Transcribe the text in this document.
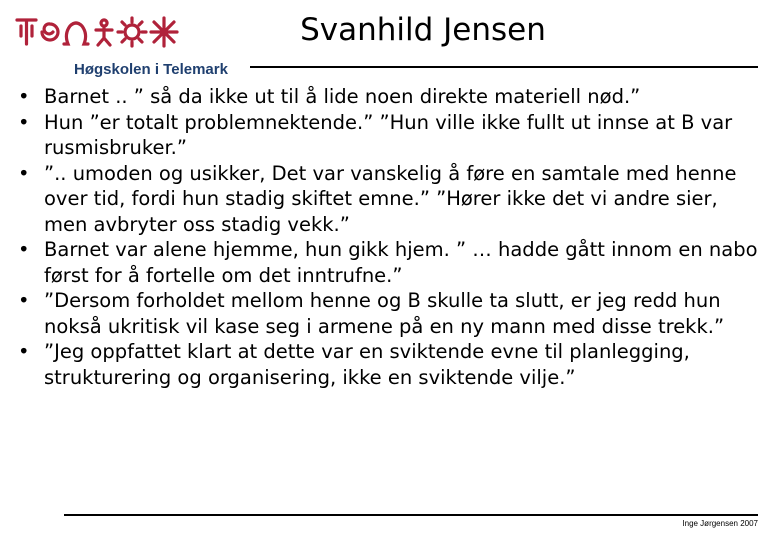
Høgskolen i Telemark
Svanhild Jensen
• Barnet .. ” så da ikke ut til å lide noen direkte materiell nød.”
• Hun ”er totalt problemnektende.” ”Hun ville ikke fullt ut innse at B var rusmisbruker.”
• ”.. umoden og usikker, Det var vanskelig å føre en samtale med henne over tid, fordi hun stadig skiftet emne.” ”Hører ikke det vi andre sier, men avbryter oss stadig vekk.”
• Barnet var alene hjemme, hun gikk hjem. ” … hadde gått innom en nabo først for å fortelle om det inntrufne.”
• ”Dersom forholdet mellom henne og B skulle ta slutt, er jeg redd hun nokså ukritisk vil kase seg i armene på en ny mann med disse trekk.”
• ”Jeg oppfattet klart at dette var en sviktende evne til planlegging, strukturering og organisering, ikke en sviktende vilje.”
Inge Jørgensen 2007
